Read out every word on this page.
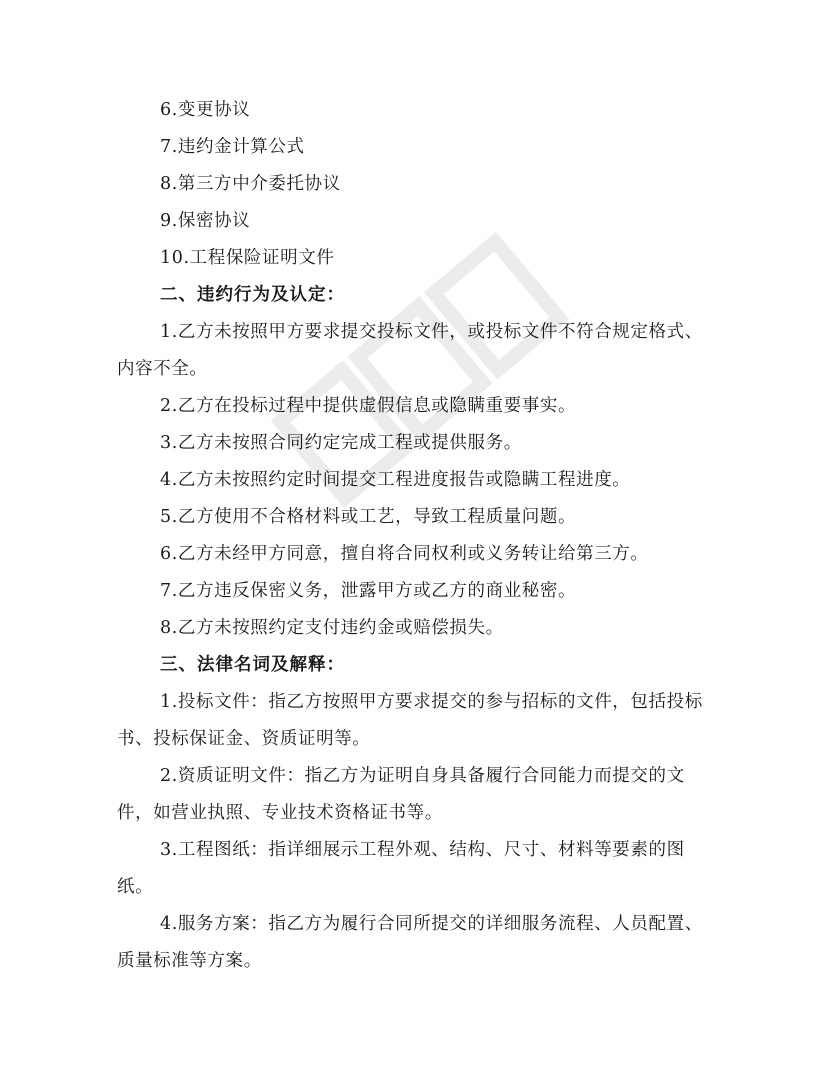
6.变更协议

7.违约金计算公式

8.第三方中介委托协议

9.保密协议

10.工程保险证明文件

二、违约行为及认定：

1.乙方未按照甲方要求提交投标文件，或投标文件不符合规定格式、内容不全。

2.乙方在投标过程中提供虚假信息或隐瞒重要事实。

3.乙方未按照合同约定完成工程或提供服务。

4.乙方未按照约定时间提交工程进度报告或隐瞒工程进度。

5.乙方使用不合格材料或工艺，导致工程质量问题。

6.乙方未经甲方同意，擅自将合同权利或义务转让给第三方。

7.乙方违反保密义务，泄露甲方或乙方的商业秘密。

8.乙方未按照约定支付违约金或赔偿损失。

三、法律名词及解释：

1.投标文件：指乙方按照甲方要求提交的参与招标的文件，包括投标书、投标保证金、资质证明等。

2.资质证明文件：指乙方为证明自身具备履行合同能力而提交的文件，如营业执照、专业技术资格证书等。

3.工程图纸：指详细展示工程外观、结构、尺寸、材料等要素的图纸。

4.服务方案：指乙方为履行合同所提交的详细服务流程、人员配置、质量标准等方案。
